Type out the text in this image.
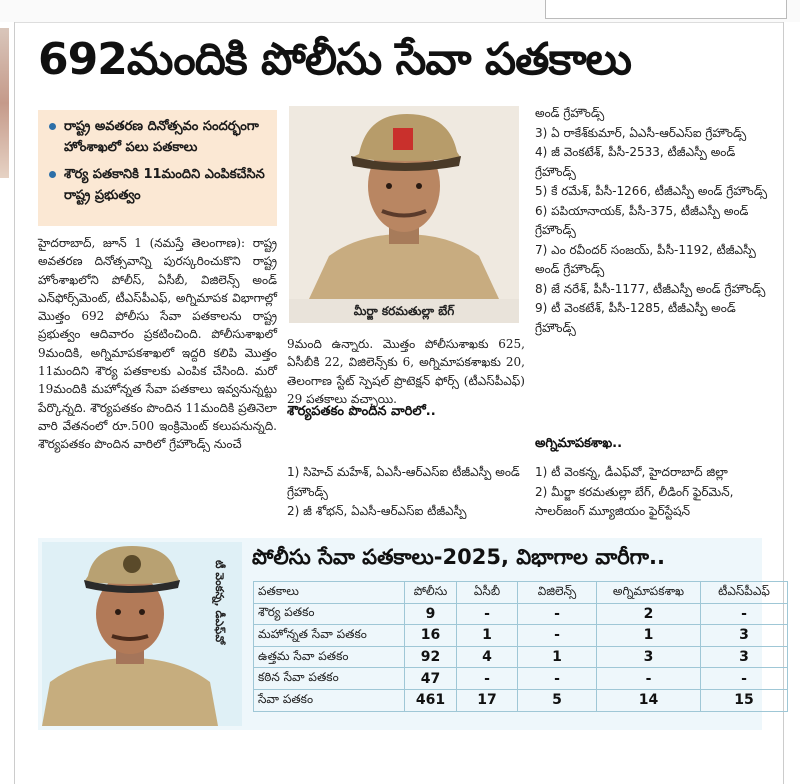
692మందికి పోలీసు సేవా పతకాలు
రాష్ట్ర అవతరణ దినోత్సవం సందర్భంగా హోంశాఖలో పలు పతకాలు
శౌర్య పతకానికి 11మందిని ఎంపికచేసిన రాష్ట్ర ప్రభుత్వం
హైదరాబాద్, జూన్ 1 (నమస్తే తెలంగాణ): రాష్ట్ర అవతరణ దినోత్సవాన్ని పురస్కరించుకొని రాష్ట్ర హోంశాఖలోని పోలీస్, ఏసీబీ, విజిలెన్స్ అండ్ ఎన్‌ఫోర్స్‌మెంట్, టీఎస్‌పీఎఫ్, అగ్నిమాపక విభాగాల్లో మొత్తం 692 పోలీసు సేవా పతకాలను రాష్ట్ర ప్రభుత్వం ఆదివారం ప్రకటించింది. పోలీసుశాఖలో 9మందికి, అగ్నిమాపకశాఖలో ఇద్దరి కలిపి మొత్తం 11మందిని శౌర్య పతకాలకు ఎంపిక చేసింది. మరో 19మందికి మహోన్నత సేవా పతకాలు ఇవ్వనున్నట్టు పేర్కొన్నది. శౌర్యపతకం పొందిన 11మందికి ప్రతినెలా వారి వేతనంలో రూ.500 ఇంక్రిమెంట్ కలుపనున్నది. శౌర్యపతకం పొందిన వారిలో గ్రేహౌండ్స్ నుంచే
మీర్జా కరమతుల్లా బేగ్
9మంది ఉన్నారు. మొత్తం పోలీసుశాఖకు 625, ఏసీబీకి 22, విజిలెన్స్‌కు 6, అగ్నిమాపకశాఖకు 20, తెలంగాణ స్టేట్ స్పెషల్ ప్రొటెక్షన్ ఫోర్స్ (టీఎస్‌పీఎఫ్) 29 పతకాలు వచ్చాయి.
శౌర్యపతకం పొందిన వారిలో..
1) సిహెచ్ మహేశ్, ఏఎసీ-ఆర్‌ఎస్‌ఐ టీజీఎస్పీ అండ్ గ్రేహౌండ్స్
2) జీ శోభన్, ఏఎసీ-ఆర్‌ఎస్‌ఐ టీజీఎస్పీ
అండ్ గ్రేహౌండ్స్
3) ఏ రాకేశ్‌కుమార్, ఏఎసీ-ఆర్‌ఎస్‌ఐ గ్రేహౌండ్స్
4) జీ వెంకటేశ్, పీసీ-2533, టీజీఎస్పీ అండ్ గ్రేహౌండ్స్
5) కే రమేశ్, పీసీ-1266, టీజీఎస్పీ అండ్ గ్రేహౌండ్స్
6) పపియానాయక్, పీసీ-375, టీజీఎస్పీ అండ్ గ్రేహౌండ్స్
7) ఎం రవీందర్ సంజయ్, పీసీ-1192, టీజీఎస్పీ అండ్ గ్రేహౌండ్స్
8) జే నరేశ్, పీసీ-1177, టీజీఎస్పీ అండ్ గ్రేహౌండ్స్
9) టీ వెంకటేశ్, పీసీ-1285, టీజీఎస్పీ అండ్ గ్రేహౌండ్స్
అగ్నిమాపకశాఖ..
1) టీ వెంకన్న, డీఎఫ్‌వో, హైదరాబాద్ జిల్లా
2) మీర్జా కరమతుల్లా బేగ్, లీడింగ్ ఫైర్‌మెన్, సాలర్‌జంగ్ మ్యూజియం ఫైర్‌స్టేషన్
టీ వెంకన్న, డీఎఫ్‌వో
పోలీసు సేవా పతకాలు-2025, విభాగాల వారీగా..
పతకాలు	పోలీసు	ఏసీబీ	విజిలెన్స్	అగ్నిమాపకశాఖ	టీఎస్‌పీఎఫ్
శౌర్య పతకం	9	-	-	2	-
మహోన్నత సేవా పతకం	16	1	-	1	3
ఉత్తమ సేవా పతకం	92	4	1	3	3
కఠిన సేవా పతకం	47	-	-	-	-
సేవా పతకం	461	17	5	14	15
